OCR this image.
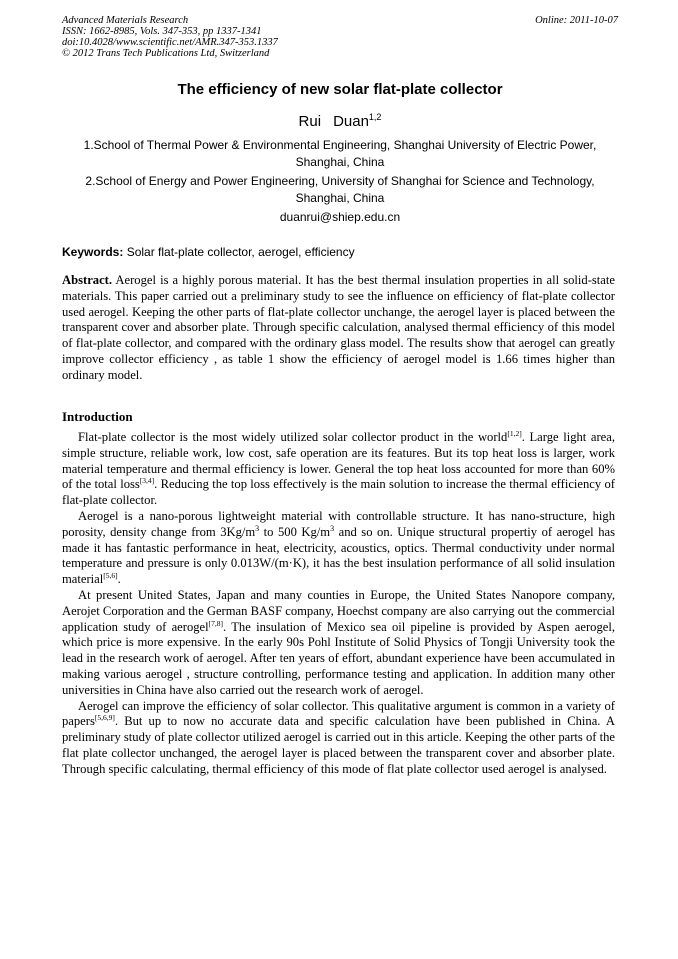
Advanced Materials Research
ISSN: 1662-8985, Vols. 347-353, pp 1337-1341
doi:10.4028/www.scientific.net/AMR.347-353.1337
© 2012 Trans Tech Publications Ltd, Switzerland
Online: 2011-10-07
The efficiency of new solar flat-plate collector
Rui Duan$^{1,2}$
1.School of Thermal Power & Environmental Engineering, Shanghai University of Electric Power, Shanghai, China
2.School of Energy and Power Engineering, University of Shanghai for Science and Technology, Shanghai, China
duanrui@shiep.edu.cn
Keywords: Solar flat-plate collector, aerogel, efficiency
Abstract. Aerogel is a highly porous material. It has the best thermal insulation properties in all solid-state materials. This paper carried out a preliminary study to see the influence on efficiency of flat-plate collector used aerogel. Keeping the other parts of flat-plate collector unchange, the aerogel layer is placed between the transparent cover and absorber plate. Through specific calculation, analysed thermal efficiency of this model of flat-plate collector, and compared with the ordinary glass model. The results show that aerogel can greatly improve collector efficiency , as table 1 show the efficiency of aerogel model is 1.66 times higher than ordinary model.
Introduction

Flat-plate collector is the most widely utilized solar collector product in the world[1,2]. Large light area, simple structure, reliable work, low cost, safe operation are its features. But its top heat loss is larger, work material temperature and thermal efficiency is lower. General the top heat loss accounted for more than 60% of the total loss[3,4]. Reducing the top loss effectively is the main solution to increase the thermal efficiency of flat-plate collector.

Aerogel is a nano-porous lightweight material with controllable structure. It has nano-structure, high porosity, density change from $3Kg/m^3$ to 500 $Kg/m^3$ and so on. Unique structural propertiy of aerogel has made it has fantastic performance in heat, electricity, acoustics, optics. Thermal conductivity under normal temperature and pressure is only 0.013W/(m·K), it has the best insulation performance of all solid insulation material[5,6].

At present United States, Japan and many counties in Europe, the United States Nanopore company, Aerojet Corporation and the German BASF company, Hoechst company are also carrying out the commercial application study of aerogel[7,8]. The insulation of Mexico sea oil pipeline is provided by Aspen aerogel, which price is more expensive. In the early 90s Pohl Institute of Solid Physics of Tongji University took the lead in the research work of aerogel. After ten years of effort, abundant experience have been accumulated in making various aerogel , structure controlling, performance testing and application. In addition many other universities in China have also carried out the research work of aerogel.

Aerogel can improve the efficiency of solar collector. This qualitative argument is common in a variety of papers[5,6,9]. But up to now no accurate data and specific calculation have been published in China. A preliminary study of plate collector utilized aerogel is carried out in this article. Keeping the other parts of the flat plate collector unchanged, the aerogel layer is placed between the transparent cover and absorber plate. Through specific calculating, thermal efficiency of this mode of flat plate collector used aerogel is analysed.
